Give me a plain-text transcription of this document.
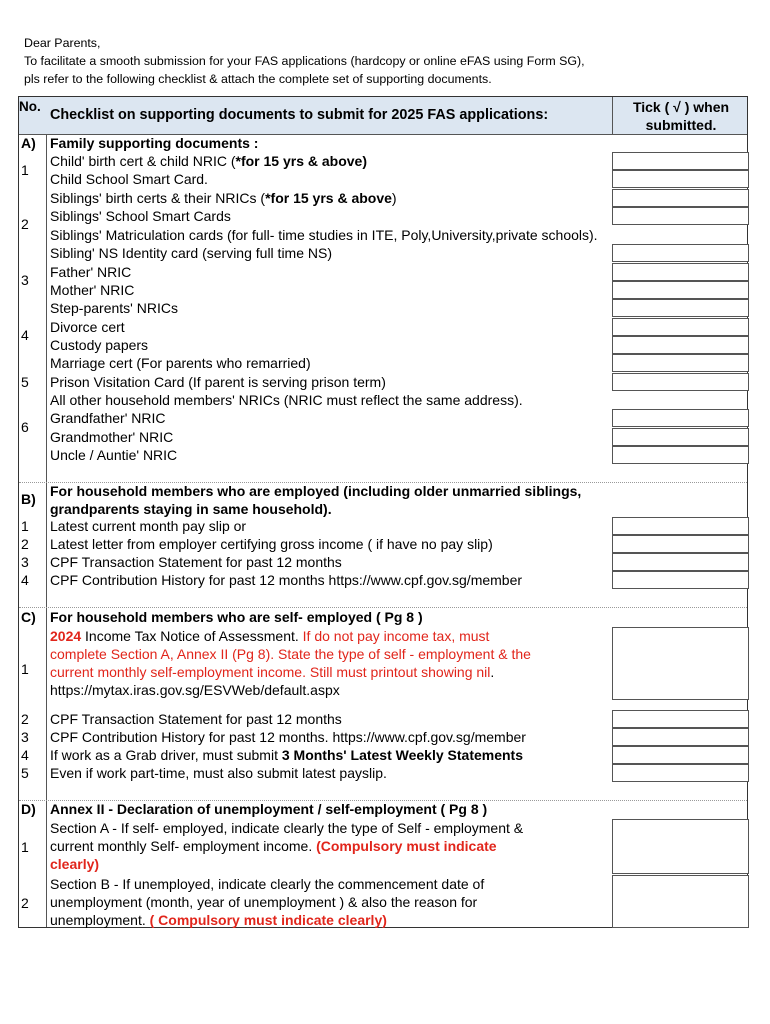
Dear Parents,
To facilitate a smooth submission for your FAS applications (hardcopy or online eFAS using Form SG),
pls refer to the following checklist & attach the complete set of supporting documents.
No.
Checklist on supporting documents to submit for 2025 FAS applications:	Tick ( √ ) when
submitted.
A) Family supporting documents :
1
Child' birth cert & child NRIC (*for 15 yrs & above)
Child School Smart Card.
2
Siblings' birth certs & their NRICs (*for 15 yrs & above)
Siblings' School Smart Cards
Siblings' Matriculation cards (for full- time studies in ITE, Poly,University,private schools).
Sibling' NS Identity card (serving full time NS)
3 Father' NRIC
Mother' NRIC
4
Step-parents' NRICs
Divorce cert
Custody papers
Marriage cert (For parents who remarried)
5 Prison Visitation Card (If parent is serving prison term)
6
All other household members' NRICs (NRIC must reflect the same address).
Grandfather' NRIC
Grandmother' NRIC
Uncle / Auntie' NRIC
B) For household members who are employed (including older unmarried siblings,
grandparents staying in same household).
1 Latest current month pay slip or
2 Latest letter from employer certifying gross income ( if have no pay slip)
3 CPF Transaction Statement for past 12 months
4 CPF Contribution History for past 12 months https://www.cpf.gov.sg/member
C) For household members who are self- employed ( Pg 8 )
1
2024 Income Tax Notice of Assessment. If do not pay income tax, must
complete Section A, Annex II (Pg 8). State the type of self - employment & the
current monthly self-employment income. Still must printout showing nil.
https://mytax.iras.gov.sg/ESVWeb/default.aspx
2 CPF Transaction Statement for past 12 months
3 CPF Contribution History for past 12 months. https://www.cpf.gov.sg/member
4 If work as a Grab driver, must submit 3 Months' Latest Weekly Statements
5 Even if work part-time, must also submit latest payslip.
D) Annex II - Declaration of unemployment / self-employment ( Pg 8 )
1
Section A - If self- employed, indicate clearly the type of Self - employment &
current monthly Self- employment income. (Compulsory must indicate
clearly)
2
Section B - If unemployed, indicate clearly the commencement date of
unemployment (month, year of unemployment ) & also the reason for
unemployment. ( Compulsory must indicate clearly)
